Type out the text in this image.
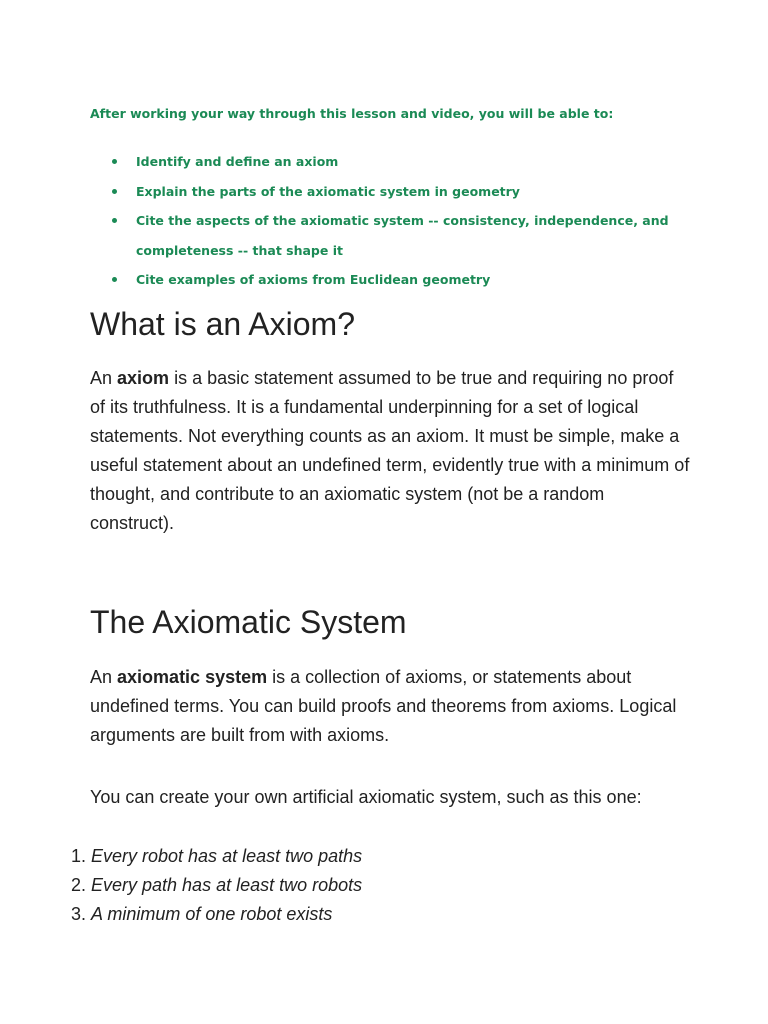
After working your way through this lesson and video, you will be able to:

Identify and define an axiom
Explain the parts of the axiomatic system in geometry
Cite the aspects of the axiomatic system -- consistency, independence, and completeness -- that shape it
Cite examples of axioms from Euclidean geometry
What is an Axiom?

An axiom is a basic statement assumed to be true and requiring no proof of its truthfulness. It is a fundamental underpinning for a set of logical statements. Not everything counts as an axiom. It must be simple, make a useful statement about an undefined term, evidently true with a minimum of thought, and contribute to an axiomatic system (not be a random construct).

The Axiomatic System

An axiomatic system is a collection of axioms, or statements about undefined terms. You can build proofs and theorems from axioms. Logical arguments are built from with axioms.

You can create your own artificial axiomatic system, such as this one:

1. Every robot has at least two paths
2. Every path has at least two robots
3. A minimum of one robot exists
